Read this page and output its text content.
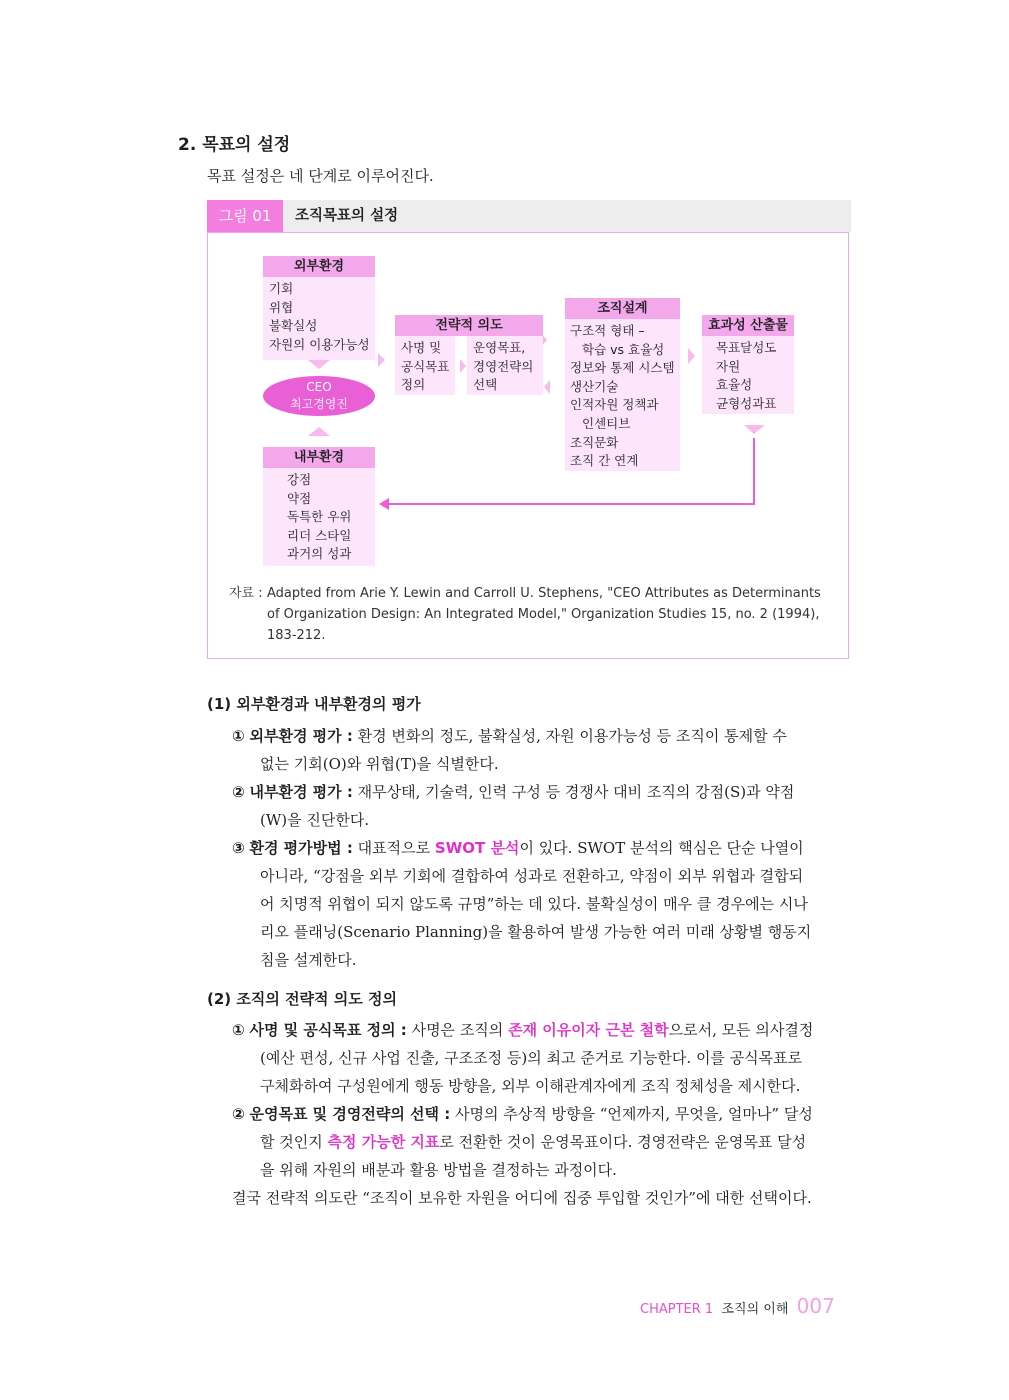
2. 목표의 설정
목표 설정은 네 단계로 이루어진다.
그림 01	조직목표의 설정
외부환경
기회
위협
불확실성
자원의 이용가능성
CEO
최고경영진
내부환경
강점
약점
독특한 우위
리더 스타일
과거의 성과
전략적 의도
사명 및
공식목표
정의
운영목표,
경영전략의
선택
조직설계
구조적 형태 –
학습 vs 효율성
정보와 통제 시스템
생산기술
인적자원 정책과
인센티브
조직문화
조직 간 연계
효과성 산출물
목표달성도
자원
효율성
균형성과표
자료 : Adapted from Arie Y. Lewin and Carroll U. Stephens, "CEO Attributes as Determinants of Organization Design: An Integrated Model," Organization Studies 15, no. 2 (1994), 183-212.
(1) 외부환경과 내부환경의 평가
① 외부환경 평가 : 환경 변화의 정도, 불확실성, 자원 이용가능성 등 조직이 통제할 수
없는 기회(O)와 위협(T)을 식별한다.
② 내부환경 평가 : 재무상태, 기술력, 인력 구성 등 경쟁사 대비 조직의 강점(S)과 약점
(W)을 진단한다.
③ 환경 평가방법 : 대표적으로 SWOT 분석이 있다. SWOT 분석의 핵심은 단순 나열이
아니라, “강점을 외부 기회에 결합하여 성과로 전환하고, 약점이 외부 위협과 결합되
어 치명적 위협이 되지 않도록 규명”하는 데 있다. 불확실성이 매우 클 경우에는 시나
리오 플래닝(Scenario Planning)을 활용하여 발생 가능한 여러 미래 상황별 행동지
침을 설계한다.
(2) 조직의 전략적 의도 정의
① 사명 및 공식목표 정의 : 사명은 조직의 존재 이유이자 근본 철학으로서, 모든 의사결정
(예산 편성, 신규 사업 진출, 구조조정 등)의 최고 준거로 기능한다. 이를 공식목표로
구체화하여 구성원에게 행동 방향을, 외부 이해관계자에게 조직 정체성을 제시한다.
② 운영목표 및 경영전략의 선택 : 사명의 추상적 방향을 “언제까지, 무엇을, 얼마나” 달성
할 것인지 측정 가능한 지표로 전환한 것이 운영목표이다. 경영전략은 운영목표 달성
을 위해 자원의 배분과 활용 방법을 결정하는 과정이다.
결국 전략적 의도란 “조직이 보유한 자원을 어디에 집중 투입할 것인가”에 대한 선택이다.
CHAPTER 1 조직의 이해 007
